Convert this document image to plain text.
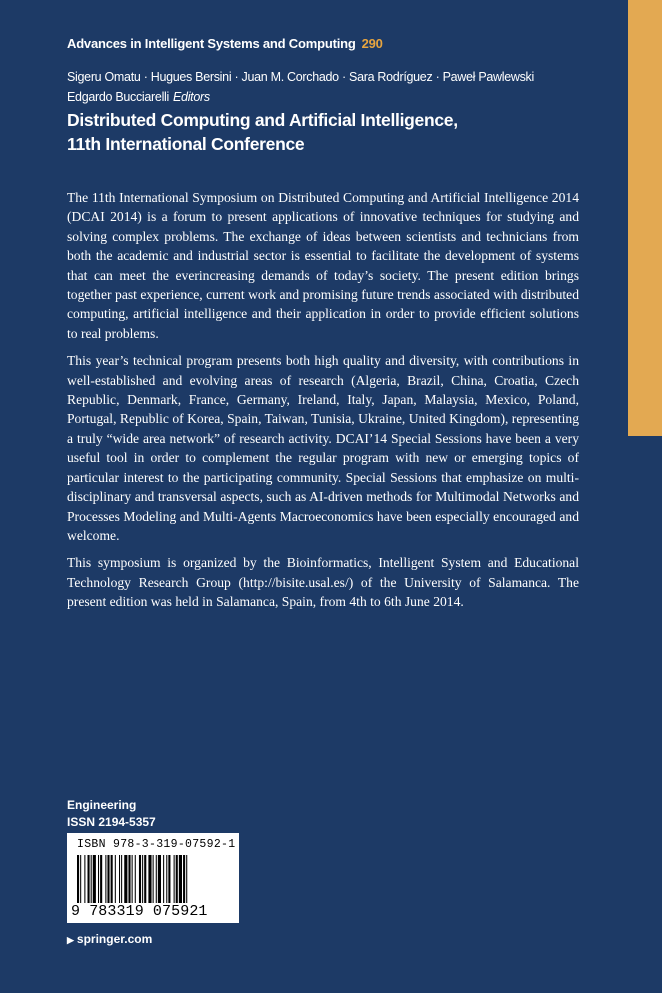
Advances in Intelligent Systems and Computing 290
Sigeru Omatu · Hugues Bersini · Juan M. Corchado · Sara Rodríguez · Paweł Pawlewski
Edgardo Bucciarelli Editors
Distributed Computing and Artificial Intelligence,
11th International Conference

The 11th International Symposium on Distributed Computing and Artificial Intelligence 2014 (DCAI 2014) is a forum to present applications of innovative techniques for studying and solving complex problems. The exchange of ideas between scientists and technicians from both the academic and industrial sector is essential to facilitate the development of systems that can meet the everincreasing demands of today’s society. The present edition brings together past experience, current work and promising future trends associated with distributed computing, artificial intelligence and their application in order to provide efficient solutions to real problems.

This year’s technical program presents both high quality and diversity, with contributions in well-established and evolving areas of research (Algeria, Brazil, China, Croatia, Czech Republic, Denmark, France, Germany, Ireland, Italy, Japan, Malaysia, Mexico, Poland, Portugal, Republic of Korea, Spain, Taiwan, Tunisia, Ukraine, United Kingdom), representing a truly “wide area network” of research activity. DCAI’14 Special Sessions have been a very useful tool in order to complement the regular program with new or emerging topics of particular interest to the participating community. Special Sessions that emphasize on multi-disciplinary and transversal aspects, such as AI-driven methods for Multimodal Networks and Processes Modeling and Multi-Agents Macroeconomics have been especially encouraged and welcome.

This symposium is organized by the Bioinformatics, Intelligent System and Educational Technology Research Group (http://bisite.usal.es/) of the University of Salamanca. The present edition was held in Salamanca, Spain, from 4th to 6th June 2014.

Engineering
ISSN 2194-5357
ISBN 978-3-319-07592-1
9 783319 075921
▶ springer.com
